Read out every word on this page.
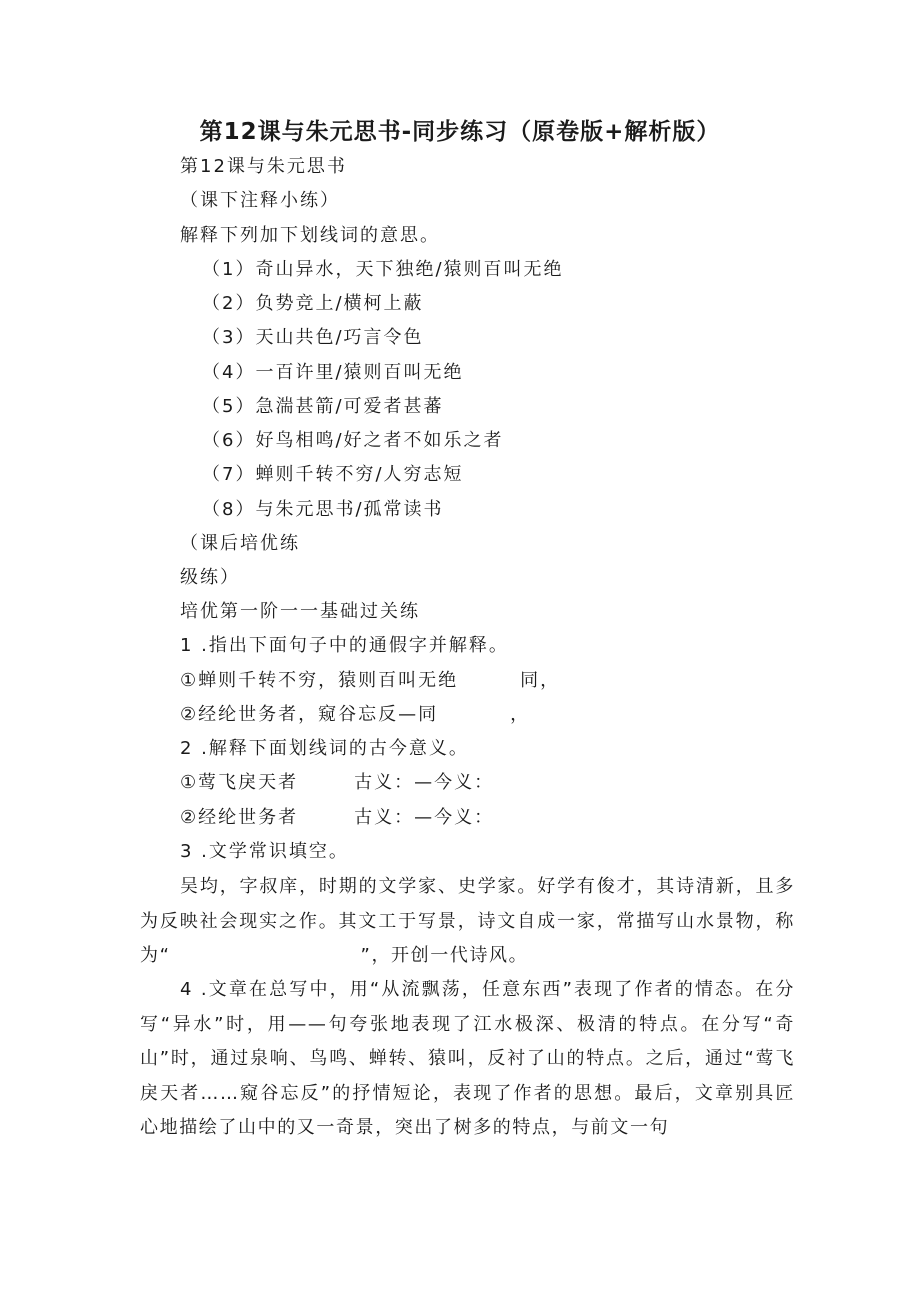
第12课与朱元思书-同步练习（原卷版+解析版）
第12课与朱元思书
（课下注释小练）
解释下列加下划线词的意思。
（1）奇山异水，天下独绝/猿则百叫无绝
（2）负势竞上/横柯上蔽
（3）天山共色/巧言令色
（4）一百许里/猿则百叫无绝
（5）急湍甚箭/可爱者甚蕃
（6）好鸟相鸣/好之者不如乐之者
（7）蝉则千转不穷/人穷志短
（8）与朱元思书/孤常读书
（课后培优练
级练）
培优第一阶一一基础过关练
1 .指出下面句子中的通假字并解释。
①蝉则千转不穷，猿则百叫无绝	同，
②经纶世务者，窥谷忘反—同	，
2 .解释下面划线词的古今意义。
①莺飞戾天者	古义：—今义：
②经纶世务者	古义：—今义：
3 .文学常识填空。

吴均，字叔庠，时期的文学家、史学家。好学有俊才，其诗清新，且多为反映社会现实之作。其文工于写景，诗文自成一家，常描写山水景物，称为“	”，开创一代诗风。

4 .文章在总写中，用“从流飘荡，任意东西”表现了作者的情态。在分写“异水”时，用——句夸张地表现了江水极深、极清的特点。在分写“奇山”时，通过泉响、鸟鸣、蝉转、猿叫，反衬了山的特点。之后，通过“莺飞戾天者……窥谷忘反”的抒情短论，表现了作者的思想。最后，文章别具匠心地描绘了山中的又一奇景，突出了树多的特点，与前文一句
